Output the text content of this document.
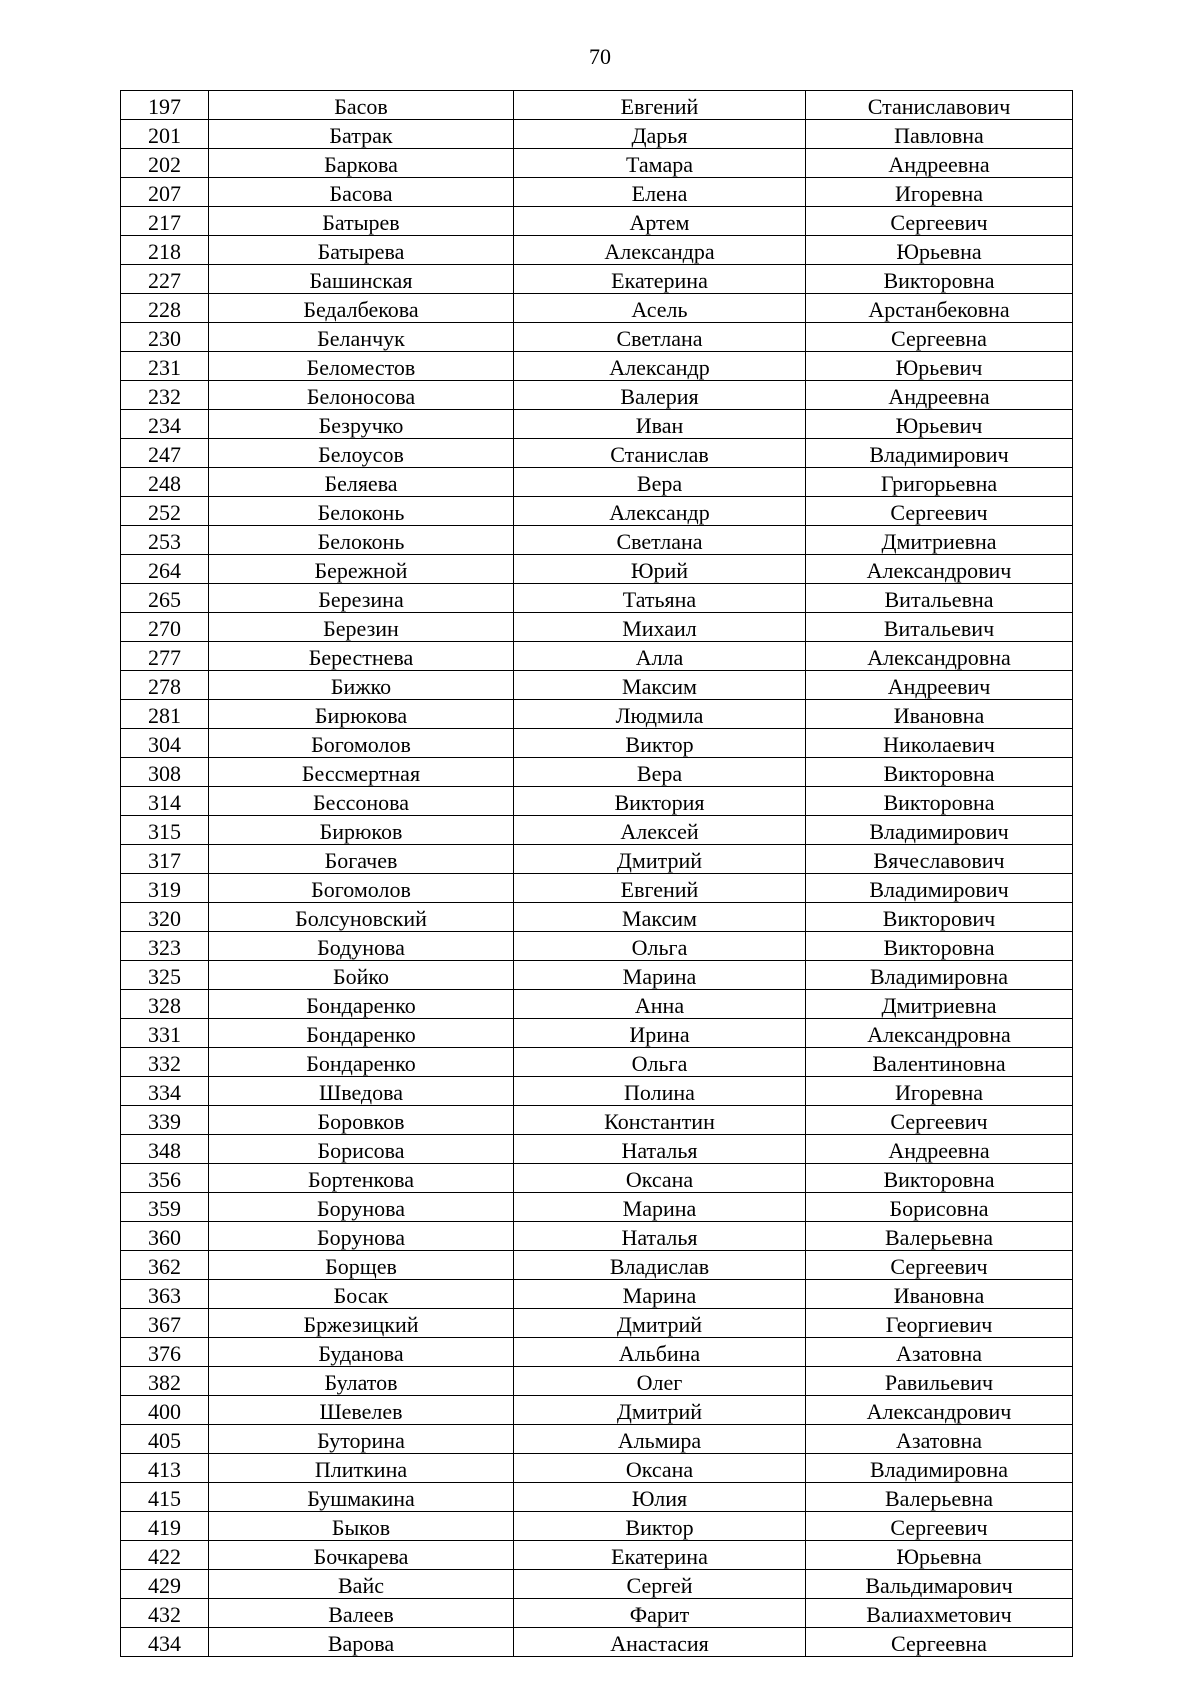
70
197	Басов	Евгений	Станиславович
201	Батрак	Дарья	Павловна
202	Баркова	Тамара	Андреевна
207	Басова	Елена	Игоревна
217	Батырев	Артем	Сергеевич
218	Батырева	Александра	Юрьевна
227	Башинская	Екатерина	Викторовна
228	Бедалбекова	Асель	Арстанбековна
230	Беланчук	Светлана	Сергеевна
231	Беломестов	Александр	Юрьевич
232	Белоносова	Валерия	Андреевна
234	Безручко	Иван	Юрьевич
247	Белоусов	Станислав	Владимирович
248	Беляева	Вера	Григорьевна
252	Белоконь	Александр	Сергеевич
253	Белоконь	Светлана	Дмитриевна
264	Бережной	Юрий	Александрович
265	Березина	Татьяна	Витальевна
270	Березин	Михаил	Витальевич
277	Берестнева	Алла	Александровна
278	Бижко	Максим	Андреевич
281	Бирюкова	Людмила	Ивановна
304	Богомолов	Виктор	Николаевич
308	Бессмертная	Вера	Викторовна
314	Бессонова	Виктория	Викторовна
315	Бирюков	Алексей	Владимирович
317	Богачев	Дмитрий	Вячеславович
319	Богомолов	Евгений	Владимирович
320	Болсуновский	Максим	Викторович
323	Бодунова	Ольга	Викторовна
325	Бойко	Марина	Владимировна
328	Бондаренко	Анна	Дмитриевна
331	Бондаренко	Ирина	Александровна
332	Бондаренко	Ольга	Валентиновна
334	Шведова	Полина	Игоревна
339	Боровков	Константин	Сергеевич
348	Борисова	Наталья	Андреевна
356	Бортенкова	Оксана	Викторовна
359	Борунова	Марина	Борисовна
360	Борунова	Наталья	Валерьевна
362	Борщев	Владислав	Сергеевич
363	Босак	Марина	Ивановна
367	Бржезицкий	Дмитрий	Георгиевич
376	Буданова	Альбина	Азатовна
382	Булатов	Олег	Равильевич
400	Шевелев	Дмитрий	Александрович
405	Буторина	Альмира	Азатовна
413	Плиткина	Оксана	Владимировна
415	Бушмакина	Юлия	Валерьевна
419	Быков	Виктор	Сергеевич
422	Бочкарева	Екатерина	Юрьевна
429	Вайс	Сергей	Вальдимарович
432	Валеев	Фарит	Валиахметович
434	Варова	Анастасия	Сергеевна
